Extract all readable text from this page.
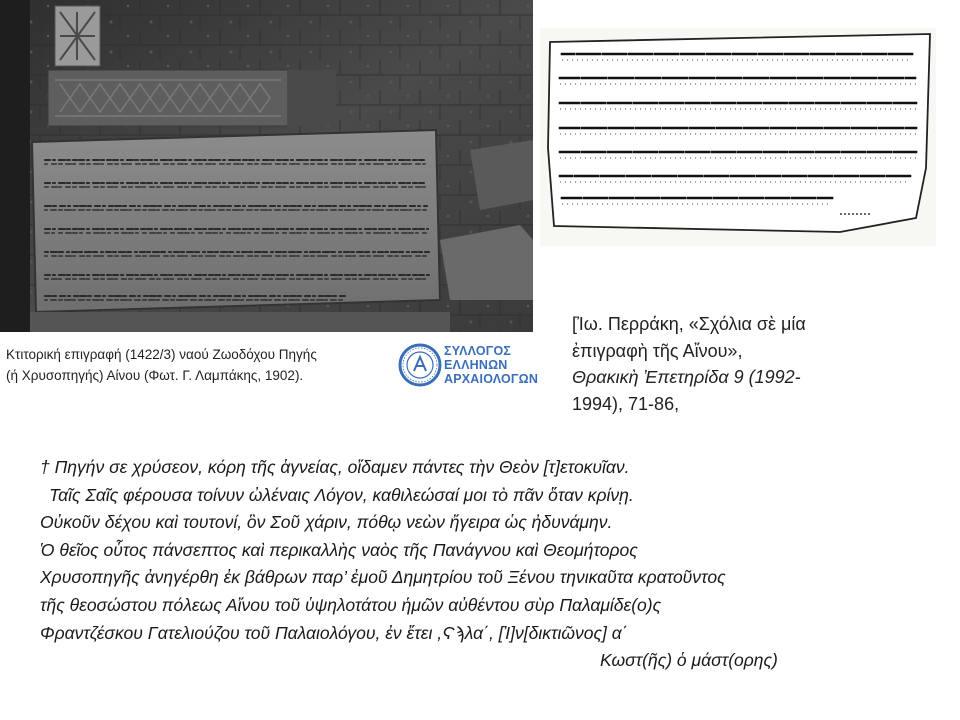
Κτιτορική επιγραφή (1422/3) ναού Ζωοδόχου Πηγής
(ή Χρυσοπηγής) Αίνου (Φωτ. Γ. Λαμπάκης, 1902).
ΣΥΛΛΟΓΟΣ
ΕΛΛΗΝΩΝ
ΑΡΧΑΙΟΛΟΓΩΝ
[Ἰω. Περράκη, «Σχόλια σὲ μία
ἐπιγραφὴ τῆς Αἴνου»,
Θρακικὴ Ἐπετηρίδα 9 (1992-
1994), 71-86,
† Πηγήν σε χρύσεον, κόρη τῆς ἁγνείας, οἴδαμεν πάντες τὴν Θεὸν [τ]ετοκυῖαν.
Ταῖς Σαῖς φέρουσα τοίνυν ὠλέναις Λόγον, καθιλεώσαί μοι τὸ πᾶν ὅταν κρίνῃ.
Οὐκοῦν δέχου καὶ τουτονί, ὃν Σοῦ χάριν, πόθῳ νεὼν ἤγειρα ὡς ἠδυνάμην.
Ὁ θεῖος οὗτος πάνσεπτος καὶ περικαλλὴς ναὸς τῆς Πανάγνου καὶ Θεομήτορος
Χρυσοπηγῆς ἀνηγέρθη ἐκ βάθρων παρ’ ἐμοῦ Δημητρίου τοῦ Ξένου τηνικαῦτα κρατοῦντος
τῆς θεοσώστου πόλεως Αἴνου τοῦ ὑψηλοτάτου ἡμῶν αὐθέντου σὺρ Παλαμίδε(ο)ς
Φραντζέσκου Γατελιούζου τοῦ Παλαιολόγου, ἐν ἔτει ,Ϛϡλα΄, [Ἰ]ν[δικτιῶνος] α΄
Κωστ(ῆς) ὁ μάστ(ορης)
